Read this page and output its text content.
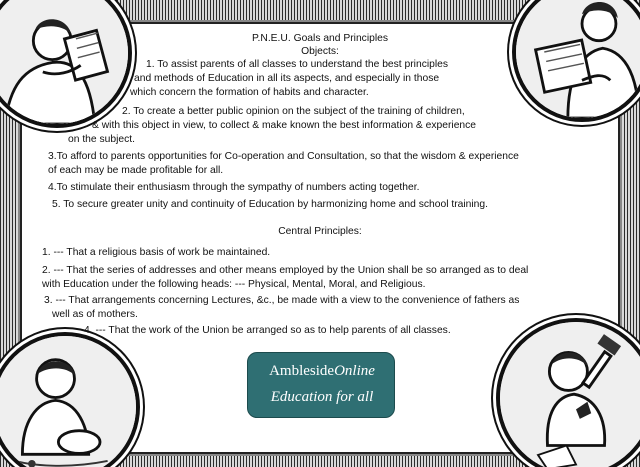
P.N.E.U. Goals and Principles
Objects:
1. To assist parents of all classes to understand the best principles
and methods of Education in all its aspects, and especially in those
which concern the formation of habits and character.
2. To create a better public opinion on the subject of the training of children,
& with this object in view, to collect & make known the best information & experience
on the subject.
3.To afford to parents opportunities for Co-operation and Consultation, so that the wisdom & experience
of each may be made profitable for all.
4.To stimulate their enthusiasm through the sympathy of numbers acting together.
5. To secure greater unity and continuity of Education by harmonizing home and school training.
Central Principles:
1. --- That a religious basis of work be maintained.
2. --- That the series of addresses and other means employed by the Union shall be so arranged as to deal
with Education under the following heads: --- Physical, Mental, Moral, and Religious.
3. --- That arrangements concerning Lectures, &c., be made with a view to the convenience of fathers as
well as of mothers.
4. --- That the work of the Union be arranged so as to help parents of all classes.
AmblesideOnline
Education for all
